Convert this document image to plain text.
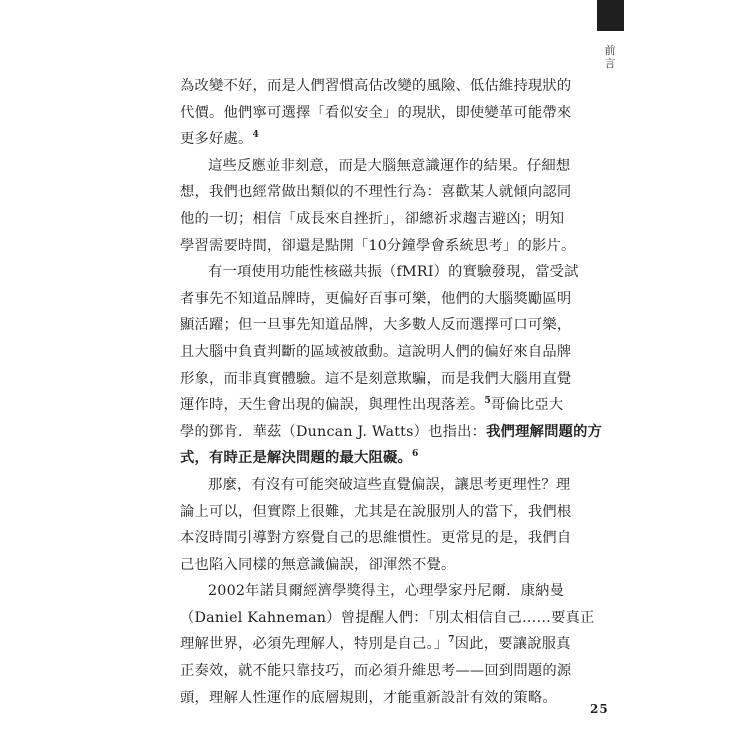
前
言

為改變不好，而是人們習慣高估改變的風險、低估維持現狀的

代價。他們寧可選擇「看似安全」的現狀，即使變革可能帶來

更多好處。$^4$

這些反應並非刻意，而是大腦無意識運作的結果。仔細想

想，我們也經常做出類似的不理性行為：喜歡某人就傾向認同

他的一切；相信「成長來自挫折」，卻總祈求趨吉避凶；明知

學習需要時間，卻還是點開「10分鐘學會系統思考」的影片。

有一項使用功能性核磁共振（fMRI）的實驗發現，當受試

者事先不知道品牌時，更偏好百事可樂，他們的大腦獎勵區明

顯活躍；但一旦事先知道品牌，大多數人反而選擇可口可樂，

且大腦中負責判斷的區域被啟動。這說明人們的偏好來自品牌

形象，而非真實體驗。這不是刻意欺騙，而是我們大腦用直覺

運作時，天生會出現的偏誤，與理性出現落差。$^5$哥倫比亞大

學的鄧肯．華茲（Duncan J. Watts）也指出：我們理解問題的方

式，有時正是解決問題的最大阻礙。$^6$

那麼，有沒有可能突破這些直覺偏誤，讓思考更理性？理

論上可以，但實際上很難，尤其是在說服別人的當下，我們根

本沒時間引導對方察覺自己的思維慣性。更常見的是，我們自

己也陷入同樣的無意識偏誤，卻渾然不覺。

2002年諾貝爾經濟學獎得主，心理學家丹尼爾．康納曼

（Daniel Kahneman）曾提醒人們：「別太相信自己……要真正

理解世界，必須先理解人，特別是自己。」$^7$因此，要讓說服真

正奏效，就不能只靠技巧，而必須升維思考——回到問題的源

頭，理解人性運作的底層規則，才能重新設計有效的策略。

25
